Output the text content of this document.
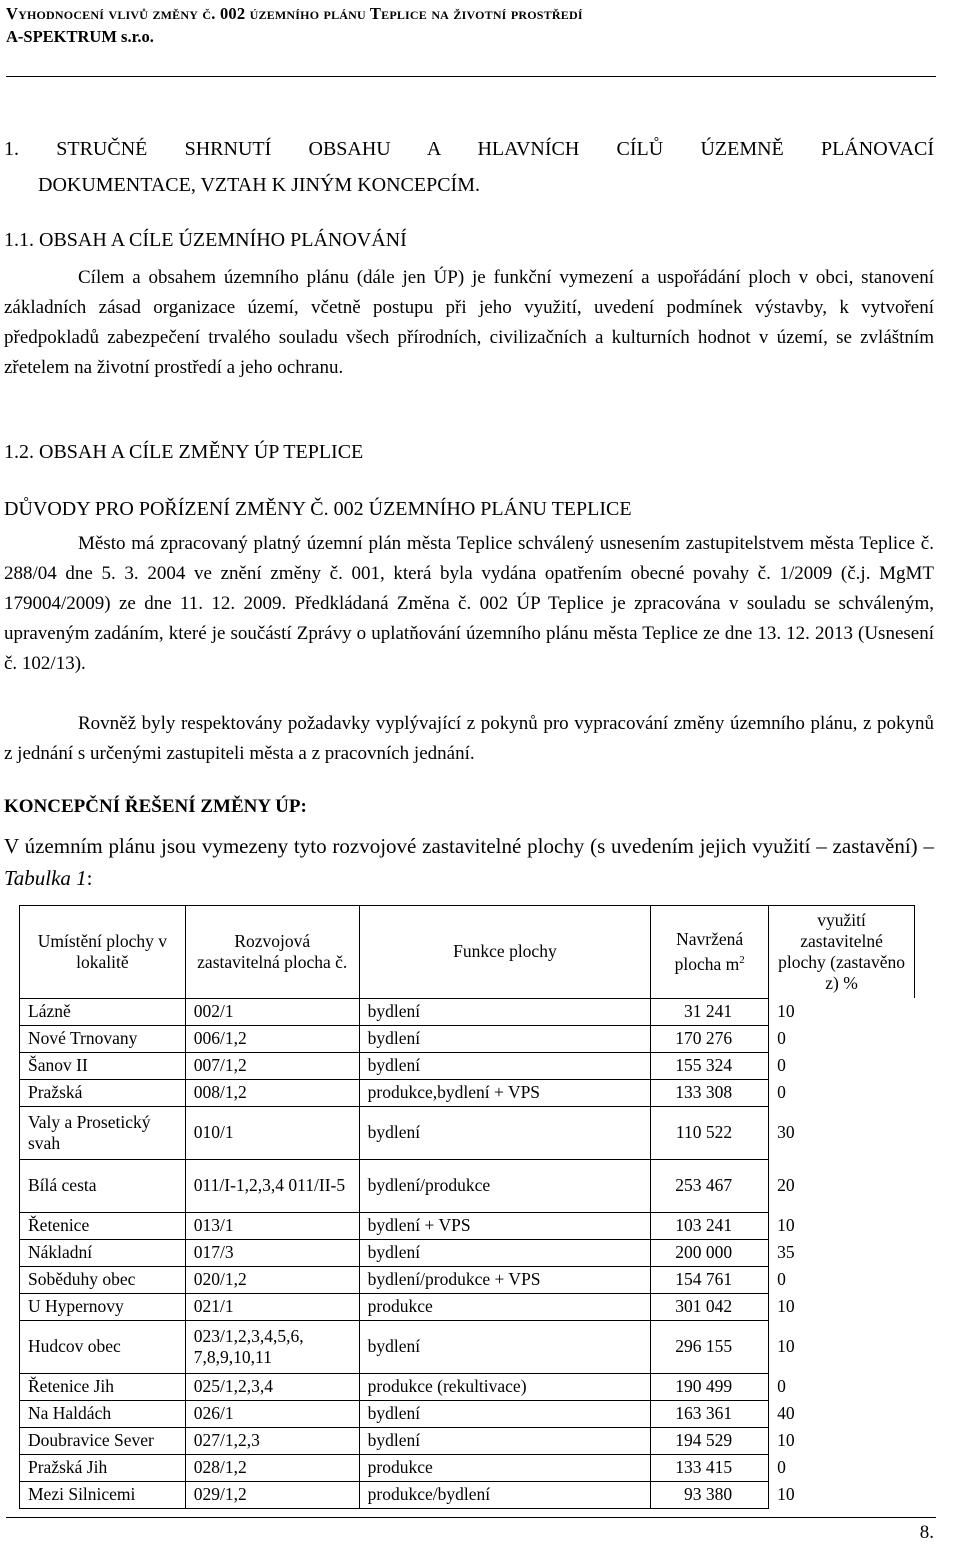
Vyhodnocení vlivů změny č. 002 územního plánu Teplice na životní prostředí
A-SPEKTRUM s.r.o.
1. STRUČNÉ SHRNUTÍ OBSAHU A HLAVNÍCH CÍLŮ ÚZEMNĚ PLÁNOVACÍ
DOKUMENTACE, VZTAH K JINÝM KONCEPCÍM.
1.1. OBSAH A CÍLE ÚZEMNÍHO PLÁNOVÁNÍ
Cílem a obsahem územního plánu (dále jen ÚP) je funkční vymezení a uspořádání ploch v obci, stanovení základních zásad organizace území, včetně postupu při jeho využití, uvedení podmínek výstavby, k vytvoření předpokladů zabezpečení trvalého souladu všech přírodních, civilizačních a kulturních hodnot v území, se zvláštním zřetelem na životní prostředí a jeho ochranu.
1.2. OBSAH A CÍLE ZMĚNY ÚP TEPLICE
DŮVODY PRO POŘÍZENÍ ZMĚNY Č. 002 ÚZEMNÍHO PLÁNU TEPLICE
Město má zpracovaný platný územní plán města Teplice schválený usnesením zastupitelstvem města Teplice č. 288/04 dne 5. 3. 2004 ve znění změny č. 001, která byla vydána opatřením obecné povahy č. 1/2009 (č.j. MgMT 179004/2009) ze dne 11. 12. 2009. Předkládaná Změna č. 002 ÚP Teplice je zpracována v souladu se schváleným, upraveným zadáním, které je součástí Zprávy o uplatňování územního plánu města Teplice ze dne 13. 12. 2013 (Usnesení č. 102/13).
Rovněž byly respektovány požadavky vyplývající z pokynů pro vypracování změny územního plánu, z pokynů z jednání s určenými zastupiteli města a z pracovních jednání.
KONCEPČNÍ ŘEŠENÍ ZMĚNY ÚP:
V územním plánu jsou vymezeny tyto rozvojové zastavitelné plochy (s uvedením jejich využití – zastavění) – Tabulka 1:
Umístění plochy v lokalitě	Rozvojová zastavitelná plocha č.	Funkce plochy	Navržená plocha $m^2$	využití zastavitelné plochy (zastavěno z) %
Lázně	002/1	bydlení	31 241	10
Nové Trnovany	006/1,2	bydlení	170 276	0
Šanov II	007/1,2	bydlení	155 324	0
Pražská	008/1,2	produkce,bydlení + VPS	133 308	0
Valy a Prosetický svah	010/1	bydlení	110 522	30
Bílá cesta	011/I-1,2,3,4 011/II-5	bydlení/produkce	253 467	20
Řetenice	013/1	bydlení + VPS	103 241	10
Nákladní	017/3	bydlení	200 000	35
Soběduhy obec	020/1,2	bydlení/produkce + VPS	154 761	0
U Hypernovy	021/1	produkce	301 042	10
Hudcov obec	023/1,2,3,4,5,6, 7,8,9,10,11	bydlení	296 155	10
Řetenice Jih	025/1,2,3,4	produkce (rekultivace)	190 499	0
Na Haldách	026/1	bydlení	163 361	40
Doubravice Sever	027/1,2,3	bydlení	194 529	10
Pražská Jih	028/1,2	produkce	133 415	0
Mezi Silnicemi	029/1,2	produkce/bydlení	93 380	10
8.
